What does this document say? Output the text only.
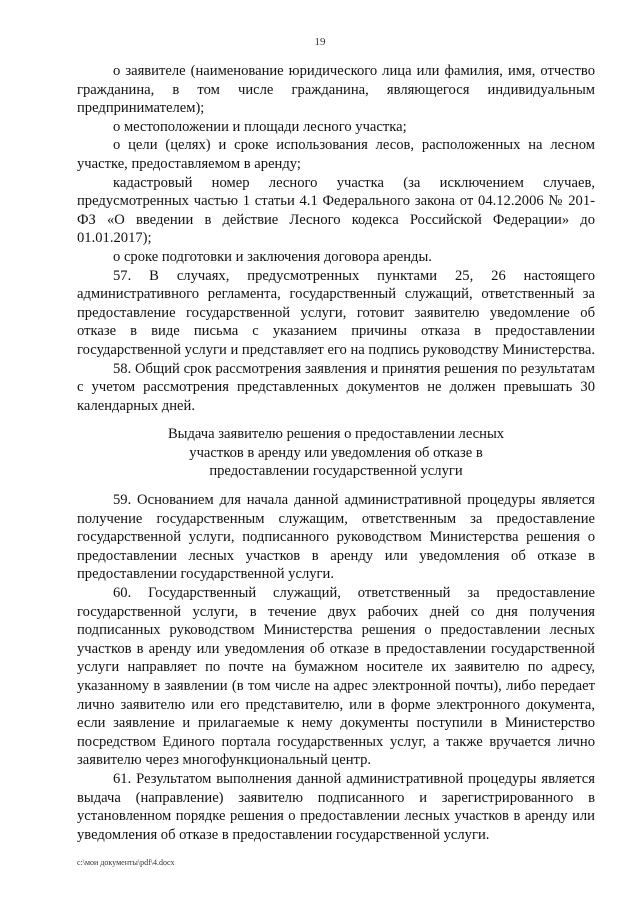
19

о заявителе (наименование юридического лица или фамилия, имя, отчество гражданина, в том числе гражданина, являющегося индивидуальным предпринимателем);

о местоположении и площади лесного участка;

о цели (целях) и сроке использования лесов, расположенных на лесном участке, предоставляемом в аренду;

кадастровый номер лесного участка (за исключением случаев, предусмотренных частью 1 статьи 4.1 Федерального закона от 04.12.2006 № 201-ФЗ «О введении в действие Лесного кодекса Российской Федерации» до 01.01.2017);

о сроке подготовки и заключения договора аренды.

57. В случаях, предусмотренных пунктами 25, 26 настоящего административного регламента, государственный служащий, ответственный за предоставление государственной услуги, готовит заявителю уведомление об отказе в виде письма с указанием причины отказа в предоставлении государственной услуги и представляет его на подпись руководству Министерства.

58. Общий срок рассмотрения заявления и принятия решения по результатам с учетом рассмотрения представленных документов не должен превышать 30 календарных дней.

Выдача заявителю решения о предоставлении лесных участков в аренду или уведомления об отказе в предоставлении государственной услуги

59. Основанием для начала данной административной процедуры является получение государственным служащим, ответственным за предоставление государственной услуги, подписанного руководством Министерства решения о предоставлении лесных участков в аренду или уведомления об отказе в предоставлении государственной услуги.

60. Государственный служащий, ответственный за предоставление государственной услуги, в течение двух рабочих дней со дня получения подписанных руководством Министерства решения о предоставлении лесных участков в аренду или уведомления об отказе в предоставлении государственной услуги направляет по почте на бумажном носителе их заявителю по адресу, указанному в заявлении (в том числе на адрес электронной почты), либо передает лично заявителю или его представителю, или в форме электронного документа, если заявление и прилагаемые к нему документы поступили в Министерство посредством Единого портала государственных услуг, а также вручается лично заявителю через многофункциональный центр.

61. Результатом выполнения данной административной процедуры является выдача (направление) заявителю подписанного и зарегистрированного в установленном порядке решения о предоставлении лесных участков в аренду или уведомления об отказе в предоставлении государственной услуги.

c:\мои документы\pdf\4.docx
